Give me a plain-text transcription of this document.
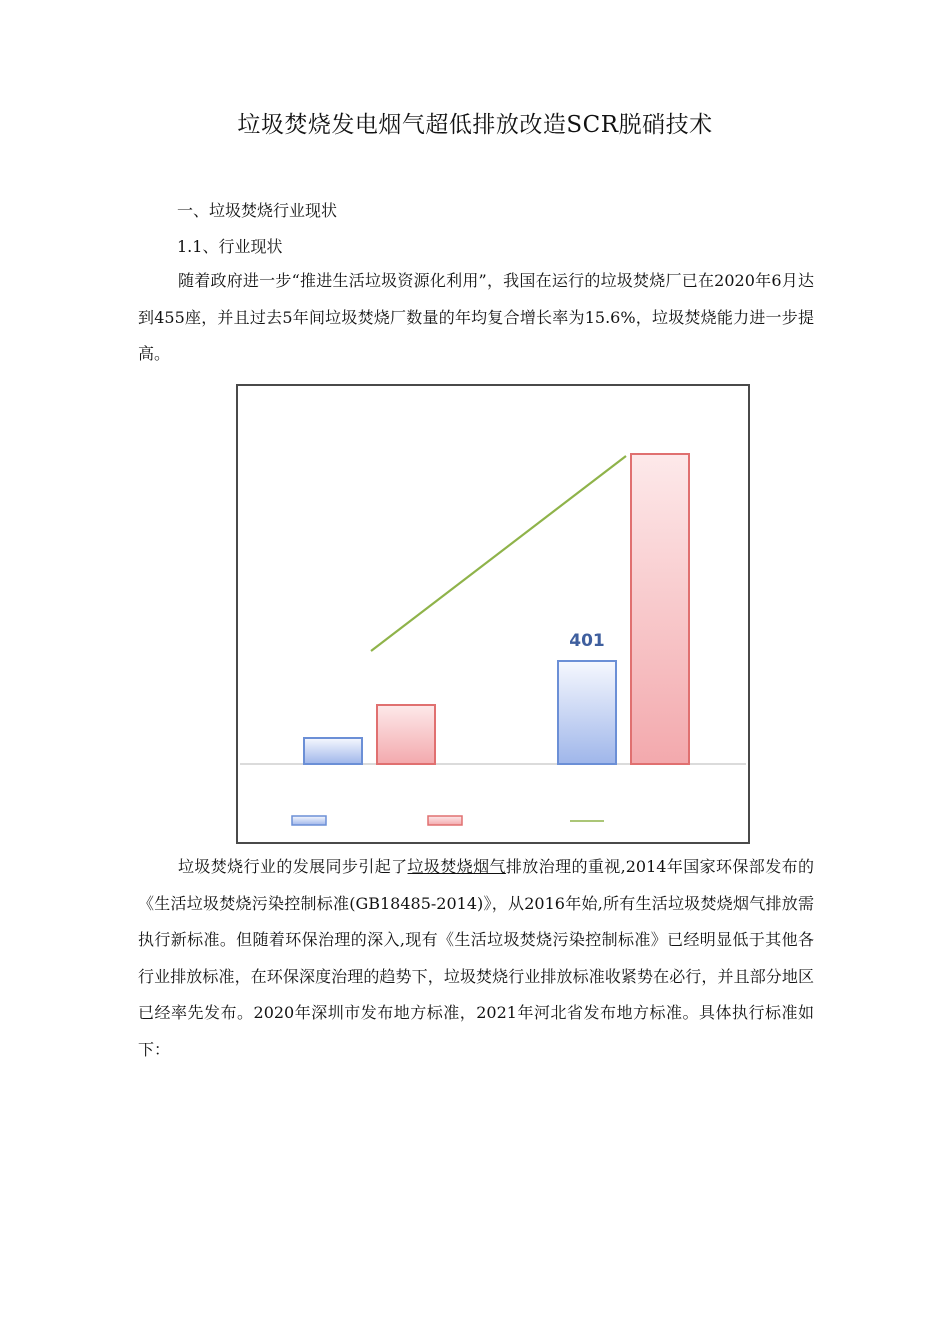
垃圾焚烧发电烟气超低排放改造SCR脱硝技术

一、垃圾焚烧行业现状

1.1、行业现状

随着政府进一步“推进生活垃圾资源化利用”，我国在运行的垃圾焚烧厂已在2020年6月达到455座，并且过去5年间垃圾焚烧厂数量的年均复合增长率为15.6%，垃圾焚烧能力进一步提高。

401

垃圾焚烧行业的发展同步引起了垃圾焚烧烟气排放治理的重视,2014年国家环保部发布的《生活垃圾焚烧污染控制标准(GB18485-2014)》，从2016年始,所有生活垃圾焚烧烟气排放需执行新标准。但随着环保治理的深入,现有《生活垃圾焚烧污染控制标准》已经明显低于其他各行业排放标准，在环保深度治理的趋势下，垃圾焚烧行业排放标准收紧势在必行，并且部分地区已经率先发布。2020年深圳市发布地方标准，2021年河北省发布地方标准。具体执行标准如下：
